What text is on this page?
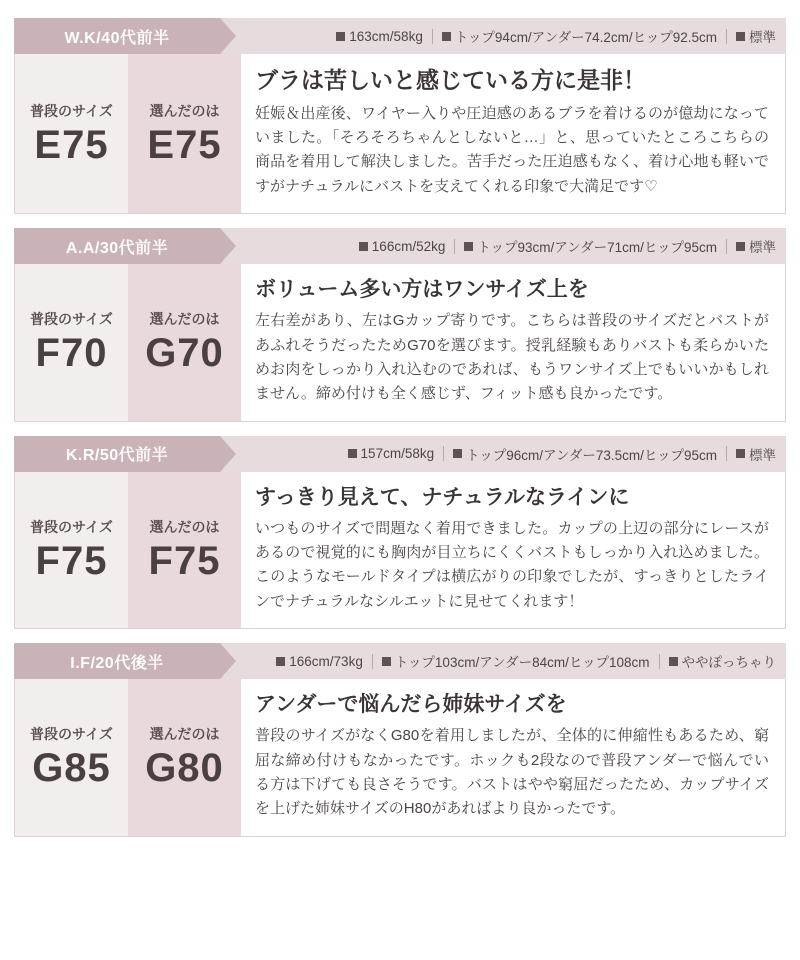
W.K/40代前半	163cm/58kg トップ94cm/アンダー74.2cm/ヒップ92.5cm 標準
普段のサイズ
E75
選んだのは
E75

ブラは苦しいと感じている方に是非！

妊娠＆出産後、ワイヤー入りや圧迫感のあるブラを着けるのが億劫になっていました。「そろそろちゃんとしないと…」と、思っていたところこちらの商品を着用して解決しました。苦手だった圧迫感もなく、着け心地も軽いですがナチュラルにバストを支えてくれる印象で大満足です♡

A.A/30代前半	166cm/52kg トップ93cm/アンダー71cm/ヒップ95cm 標準
普段のサイズ
F70
選んだのは
G70

ボリューム多い方はワンサイズ上を

左右差があり、左はGカップ寄りです。こちらは普段のサイズだとバストがあふれそうだったためG70を選びます。授乳経験もありバストも柔らかいためお肉をしっかり入れ込むのであれば、もうワンサイズ上でもいいかもしれません。締め付けも全く感じず、フィット感も良かったです。

K.R/50代前半	157cm/58kg トップ96cm/アンダー73.5cm/ヒップ95cm 標準
普段のサイズ
F75
選んだのは
F75

すっきり見えて、ナチュラルなラインに

いつものサイズで問題なく着用できました。カップの上辺の部分にレースがあるので視覚的にも胸肉が目立ちにくくバストもしっかり入れ込めました。このようなモールドタイプは横広がりの印象でしたが、すっきりとしたラインでナチュラルなシルエットに見せてくれます！

I.F/20代後半	166cm/73kg トップ103cm/アンダー84cm/ヒップ108cm ややぽっちゃり
普段のサイズ
G85
選んだのは
G80

アンダーで悩んだら姉妹サイズを

普段のサイズがなくG80を着用しましたが、全体的に伸縮性もあるため、窮屈な締め付けもなかったです。ホックも2段なので普段アンダーで悩んでいる方は下げても良さそうです。バストはやや窮屈だったため、カップサイズを上げた姉妹サイズのH80があればより良かったです。
